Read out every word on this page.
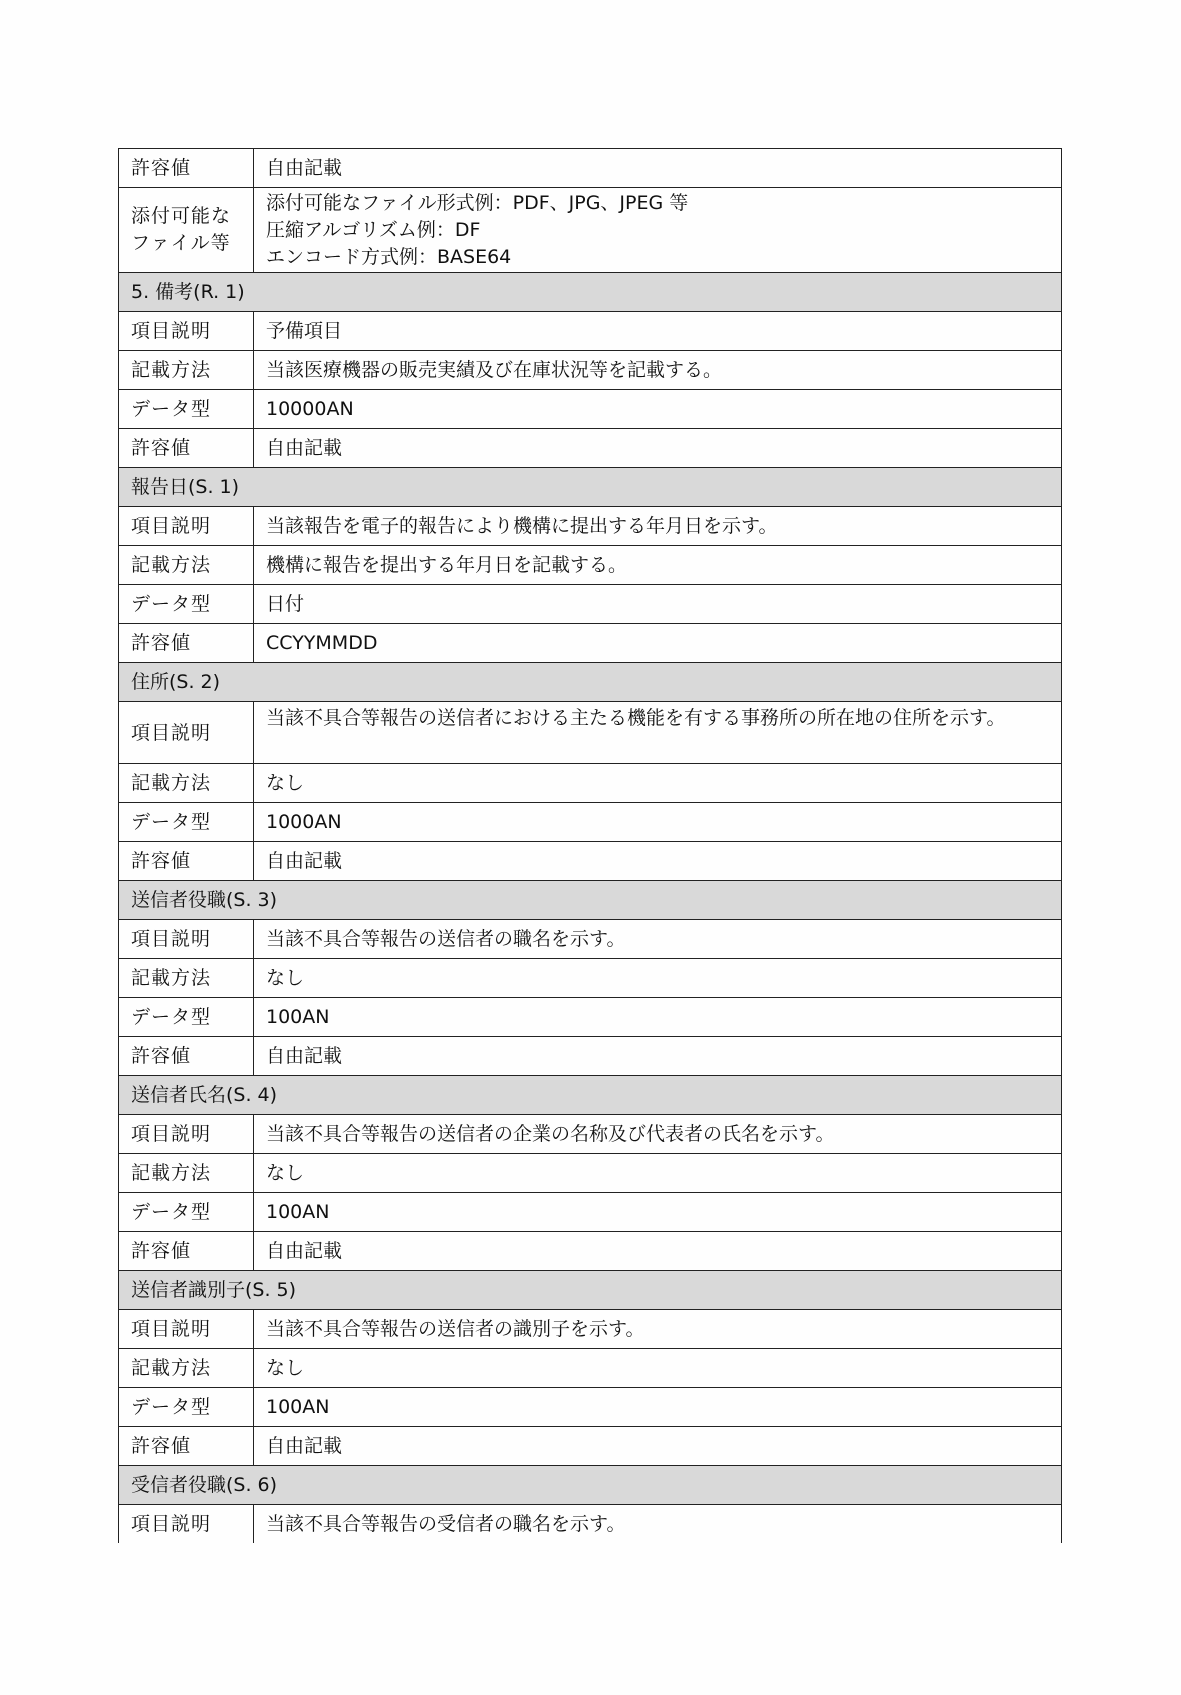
許容値	自由記載

添付可能なファイル等	添付可能なファイル形式例：PDF、JPG、JPEG 等
圧縮アルゴリズム例：DF
エンコード方式例：BASE64

5. 備考(R. 1)	
項目説明	予備項目

記載方法	当該医療機器の販売実績及び在庫状況等を記載する。

データ型	10000AN

許容値	自由記載

報告日(S. 1)	
項目説明	当該報告を電子的報告により機構に提出する年月日を示す。

記載方法	機構に報告を提出する年月日を記載する。

データ型	日付

許容値	CCYYMMDD

住所(S. 2)	
項目説明	当該不具合等報告の送信者における主たる機能を有する事務所の所在地の住所を示す。

記載方法	なし

データ型	1000AN

許容値	自由記載

送信者役職(S. 3)	
項目説明	当該不具合等報告の送信者の職名を示す。

記載方法	なし

データ型	100AN

許容値	自由記載

送信者氏名(S. 4)	
項目説明	当該不具合等報告の送信者の企業の名称及び代表者の氏名を示す。

記載方法	なし

データ型	100AN

許容値	自由記載

送信者識別子(S. 5)	
項目説明	当該不具合等報告の送信者の識別子を示す。

記載方法	なし

データ型	100AN

許容値	自由記載

受信者役職(S. 6)	
項目説明	当該不具合等報告の受信者の職名を示す。
